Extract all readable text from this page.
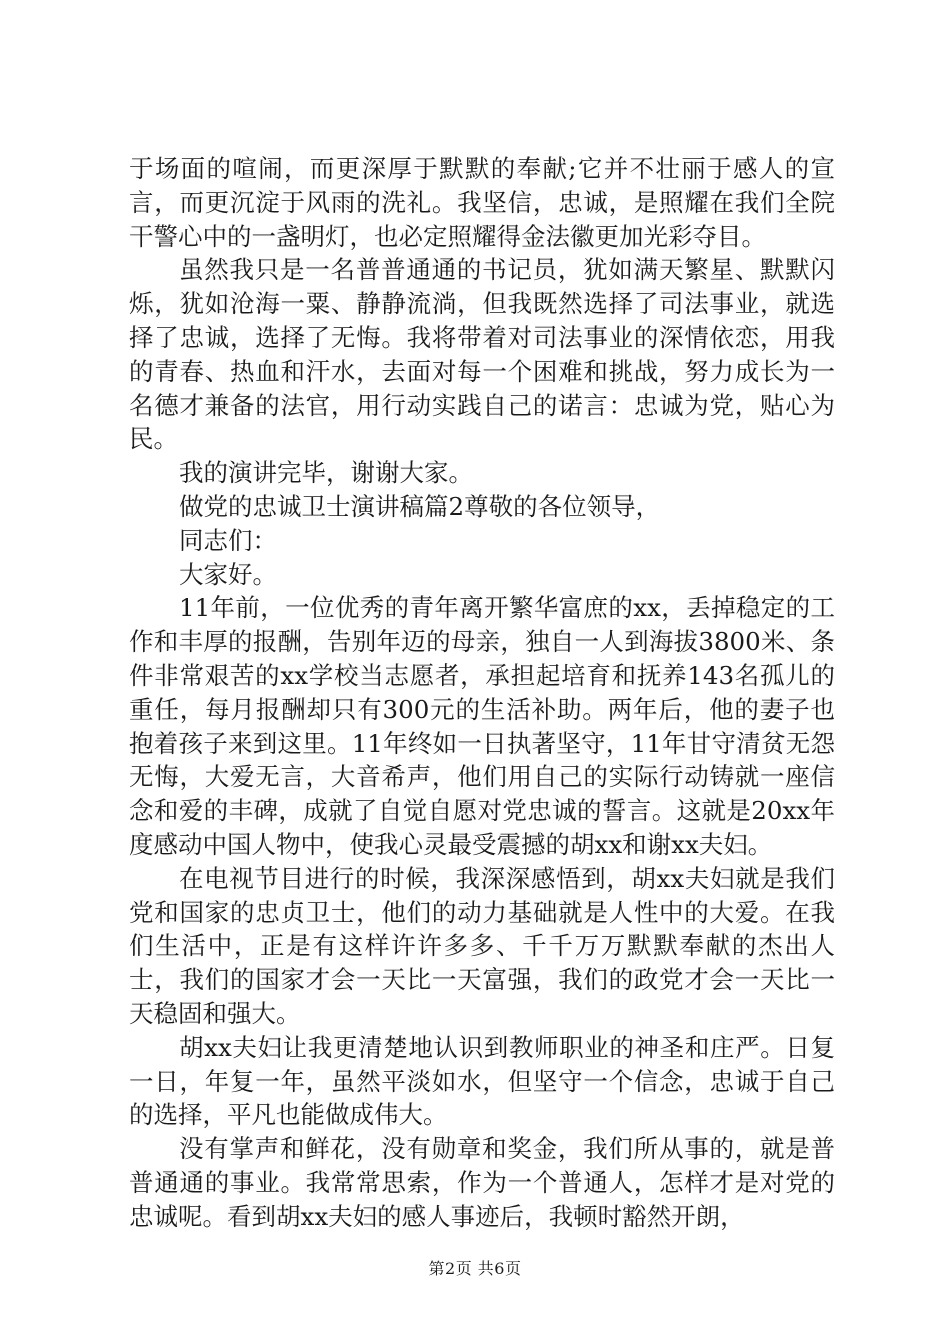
于场面的喧闹，而更深厚于默默的奉献;它并不壮丽于感人的宣言，而更沉淀于风雨的洗礼。我坚信，忠诚，是照耀在我们全院干警心中的一盏明灯，也必定照耀得金法徽更加光彩夺目。

虽然我只是一名普普通通的书记员，犹如满天繁星、默默闪烁，犹如沧海一粟、静静流淌，但我既然选择了司法事业，就选择了忠诚，选择了无悔。我将带着对司法事业的深情依恋，用我的青春、热血和汗水，去面对每一个困难和挑战，努力成长为一名德才兼备的法官，用行动实践自己的诺言：忠诚为党，贴心为民。

我的演讲完毕，谢谢大家。

做党的忠诚卫士演讲稿篇2尊敬的各位领导，

同志们：

大家好。

11年前，一位优秀的青年离开繁华富庶的xx，丢掉稳定的工作和丰厚的报酬，告别年迈的母亲，独自一人到海拔3800米、条件非常艰苦的xx学校当志愿者，承担起培育和抚养143名孤儿的重任，每月报酬却只有300元的生活补助。两年后，他的妻子也抱着孩子来到这里。11年终如一日执著坚守，11年甘守清贫无怨无悔，大爱无言，大音希声，他们用自己的实际行动铸就一座信念和爱的丰碑，成就了自觉自愿对党忠诚的誓言。这就是20xx年度感动中国人物中，使我心灵最受震撼的胡xx和谢xx夫妇。

在电视节目进行的时候，我深深感悟到，胡xx夫妇就是我们党和国家的忠贞卫士，他们的动力基础就是人性中的大爱。在我们生活中，正是有这样许许多多、千千万万默默奉献的杰出人士，我们的国家才会一天比一天富强，我们的政党才会一天比一天稳固和强大。

胡xx夫妇让我更清楚地认识到教师职业的神圣和庄严。日复一日，年复一年，虽然平淡如水，但坚守一个信念，忠诚于自己的选择，平凡也能做成伟大。

没有掌声和鲜花，没有勋章和奖金，我们所从事的，就是普普通通的事业。我常常思索，作为一个普通人，怎样才是对党的忠诚呢。看到胡xx夫妇的感人事迹后，我顿时豁然开朗，

第2页 共6页
